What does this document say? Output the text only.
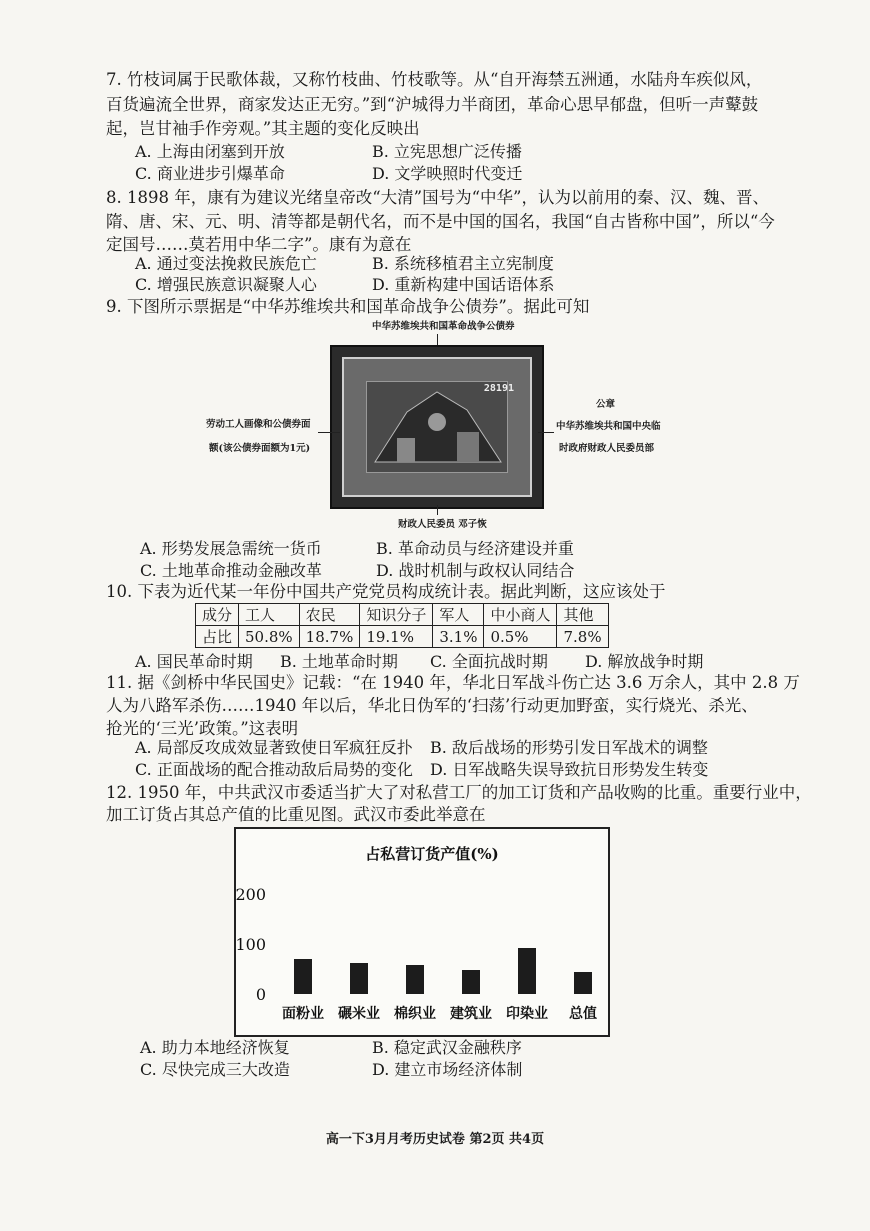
7. 竹枝词属于民歌体裁，又称竹枝曲、竹枝歌等。从“自开海禁五洲通，水陆舟车疾似风，
百货遍流全世界，商家发达正无穷。”到“沪城得力半商团，革命心思早郁盘，但听一声鼙鼓
起，岂甘袖手作旁观。”其主题的变化反映出
A. 上海由闭塞到开放	B. 立宪思想广泛传播
C. 商业进步引爆革命	D. 文学映照时代变迁
8. 1898 年，康有为建议光绪皇帝改“大清”国号为“中华”，认为以前用的秦、汉、魏、晋、
隋、唐、宋、元、明、清等都是朝代名，而不是中国的国名，我国“自古皆称中国”，所以“今
定国号……莫若用中华二字”。康有为意在
A. 通过变法挽救民族危亡	B. 系统移植君主立宪制度
C. 增强民族意识凝聚人心	D. 重新构建中国话语体系
9. 下图所示票据是“中华苏维埃共和国革命战争公债券”。据此可知
中华苏维埃共和国革命战争公债券
28191
劳动工人画像和公债券面
额(该公债券面额为1元)
公章
中华苏维埃共和国中央临
时政府财政人民委员部
财政人民委员 邓子恢
A. 形势发展急需统一货币	B. 革命动员与经济建设并重
C. 土地革命推动金融改革	D. 战时机制与政权认同结合
10. 下表为近代某一年份中国共产党党员构成统计表。据此判断，这应该处于
成分	工人	农民	知识分子	军人	中小商人	其他
占比	50.8%	18.7%	19.1%	3.1%	0.5%	7.8%
A. 国民革命时期 B. 土地革命时期 C. 全面抗战时期 D. 解放战争时期
11. 据《剑桥中华民国史》记载：“在 1940 年，华北日军战斗伤亡达 3.6 万余人，其中 2.8 万
人为八路军杀伤……1940 年以后，华北日伪军的‘扫荡’行动更加野蛮，实行烧光、杀光、
抢光的‘三光’政策。”这表明
A. 局部反攻成效显著致使日军疯狂反扑 B. 敌后战场的形势引发日军战术的调整
C. 正面战场的配合推动敌后局势的变化 D. 日军战略失误导致抗日形势发生转变
12. 1950 年，中共武汉市委适当扩大了对私营工厂的加工订货和产品收购的比重。重要行业中，
加工订货占其总产值的比重见图。武汉市委此举意在
占私营订货产值(%)
200
100
0
面粉业 碾米业 棉织业 建筑业 印染业 总值
A. 助力本地经济恢复	B. 稳定武汉金融秩序
C. 尽快完成三大改造	D. 建立市场经济体制
高一下3月月考历史试卷 第2页 共4页
